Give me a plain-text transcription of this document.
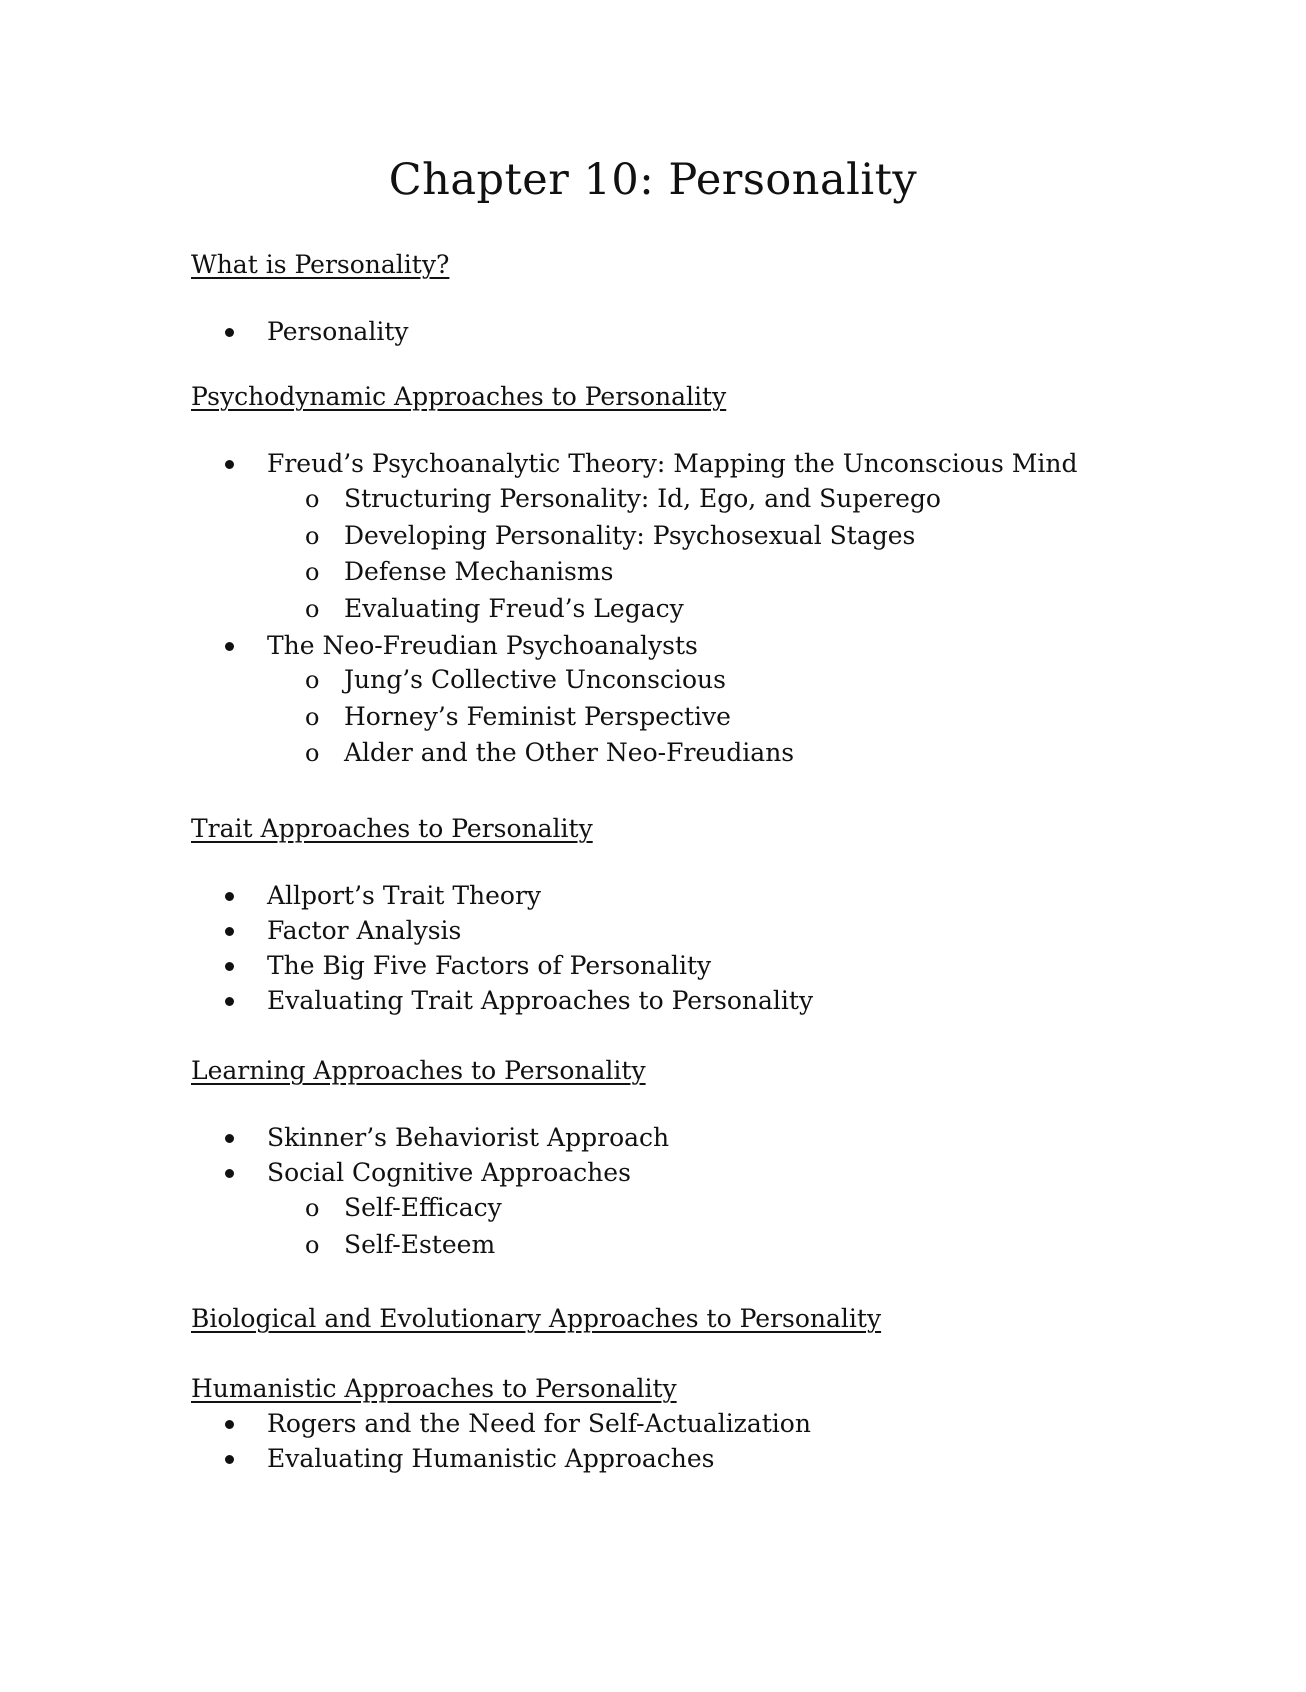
Chapter 10: Personality
What is Personality?
Personality
Psychodynamic Approaches to Personality
Freud’s Psychoanalytic Theory: Mapping the Unconscious Mind
o Structuring Personality: Id, Ego, and Superego
o Developing Personality: Psychosexual Stages
o Defense Mechanisms
o Evaluating Freud’s Legacy
The Neo-Freudian Psychoanalysts
o Jung’s Collective Unconscious
o Horney’s Feminist Perspective
o Alder and the Other Neo-Freudians
Trait Approaches to Personality
Allport’s Trait Theory
Factor Analysis
The Big Five Factors of Personality
Evaluating Trait Approaches to Personality
Learning Approaches to Personality
Skinner’s Behaviorist Approach
Social Cognitive Approaches
o Self-Efficacy
o Self-Esteem
Biological and Evolutionary Approaches to Personality
Humanistic Approaches to Personality
Rogers and the Need for Self-Actualization
Evaluating Humanistic Approaches
